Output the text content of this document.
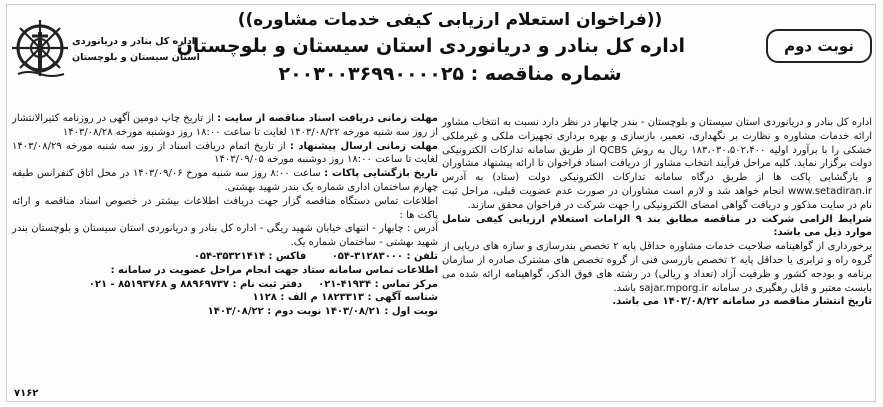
اداره کل بنادر و دریانوردی
استان سیستان و بلوچستان
((فراخوان استعلام ارزیابی کیفی خدمات مشاوره))
اداره کل بنادر و دریانوردی استان سیستان و بلوچستان
شماره مناقصه : ۲۰۰۳۰۰۳۶۹۹۰۰۰۰۲۵
نوبت دوم

اداره کل بنادر و دریانوردی استان سیستان و بلوچستان - بندر چابهار در نظر دارد نسبت به انتخاب مشاور ارائه خدمات مشاوره و نظارت بر نگهداری، تعمیر، بازسازی و بهره برداری تجهیزات ملکی و غیرملکی خشکی را با برآورد اولیه ۱۸۳،۰۳۰،۵۰۲،۴۰۰ ریال به روش QCBS از طریق سامانه تدارکات الکترونیکی دولت برگزار نماید. کلیه مراحل فرآیند انتخاب مشاور از دریافت اسناد فراخوان تا ارائه پیشنهاد مشاوران و بازگشایی پاکت ها از طریق درگاه سامانه تدارکات الکترونیکی دولت (ستاد) به آدرس www.setadiran.ir انجام خواهد شد و لازم است مشاوران در صورت عدم عضویت قبلی، مراحل ثبت نام در سایت مذکور و دریافت گواهی امضای الکترونیکی را جهت شرکت در فراخوان محقق سازند.

شرایط الزامی شرکت در مناقصه مطابق بند ۹ الزامات استعلام ارزیابی کیفی شامل موارد ذیل می باشد:

برخورداری از گواهینامه صلاحیت خدمات مشاوره حداقل پایه ۲ تخصص بندرسازی و سازه های دریایی از گروه راه و ترابری یا حداقل پایه ۲ تخصص بازرسی فنی از گروه تخصص های مشترک صادره از سازمان برنامه و بودجه کشور و ظرفیت آزاد (تعداد و ریالی) در رشته های فوق الذکر، گواهینامه ارائه شده می بایست معتبر و قابل رهگیری در سامانه sajar.mporg.ir باشد.

تاریخ انتشار مناقصه در سامانه ۱۴۰۳/۰۸/۲۲ می باشد.

مهلت زمانی دریافت اسناد مناقصه از سایت : از تاریخ چاپ دومین آگهی در روزنامه کثیرالانتشار از روز سه شنبه مورخه ۱۴۰۳/۰۸/۲۲ لغایت تا ساعت ۱۸:۰۰ روز دوشنبه مورخه ۱۴۰۳/۰۸/۲۸

مهلت زمانی ارسال پیشنهاد : از تاریخ اتمام دریافت اسناد از روز سه شنبه مورخه ۱۴۰۳/۰۸/۲۹ لغایت تا ساعت ۱۸:۰۰ روز دوشنبه مورخه ۱۴۰۳/۰۹/۰۵

تاریخ بازگشایی پاکات : ساعت ۸:۰۰ روز سه شنبه مورخ ۱۴۰۳/۰۹/۰۶ در محل اتاق کنفرانس طبقه چهارم ساختمان اداری شماره یک بندر شهید بهشتی.

اطلاعات تماس دستگاه مناقصه گزار جهت دریافت اطلاعات بیشتر در خصوص اسناد مناقصه و ارائه پاکت ها :

آدرس : چابهار - انتهای خیابان شهید ریگی - اداره کل بنادر و دریانوردی استان سیستان و بلوچستان بندر شهید بهشتی - ساختمان شماره یک.

تلفن : ۳۱۲۸۳۰۰۰-۰۵۴        فاکس : ۳۵۳۲۱۴۱۴-۰۵۴

اطلاعات تماس سامانه ستاد جهت انجام مراحل عضویت در سامانه :

مرکز تماس : ۴۱۹۳۴-۰۲۱     دفتر ثبت نام : ۸۸۹۶۹۷۳۷ و ۸۵۱۹۳۷۶۸ - ۰۲۱

شناسه آگهی : ۱۸۲۳۳۱۳ م الف : ۱۱۲۸

نوبت اول : ۱۴۰۳/۰۸/۲۱ نوبت دوم : ۱۴۰۳/۰۸/۲۲

۷۱۶۲
